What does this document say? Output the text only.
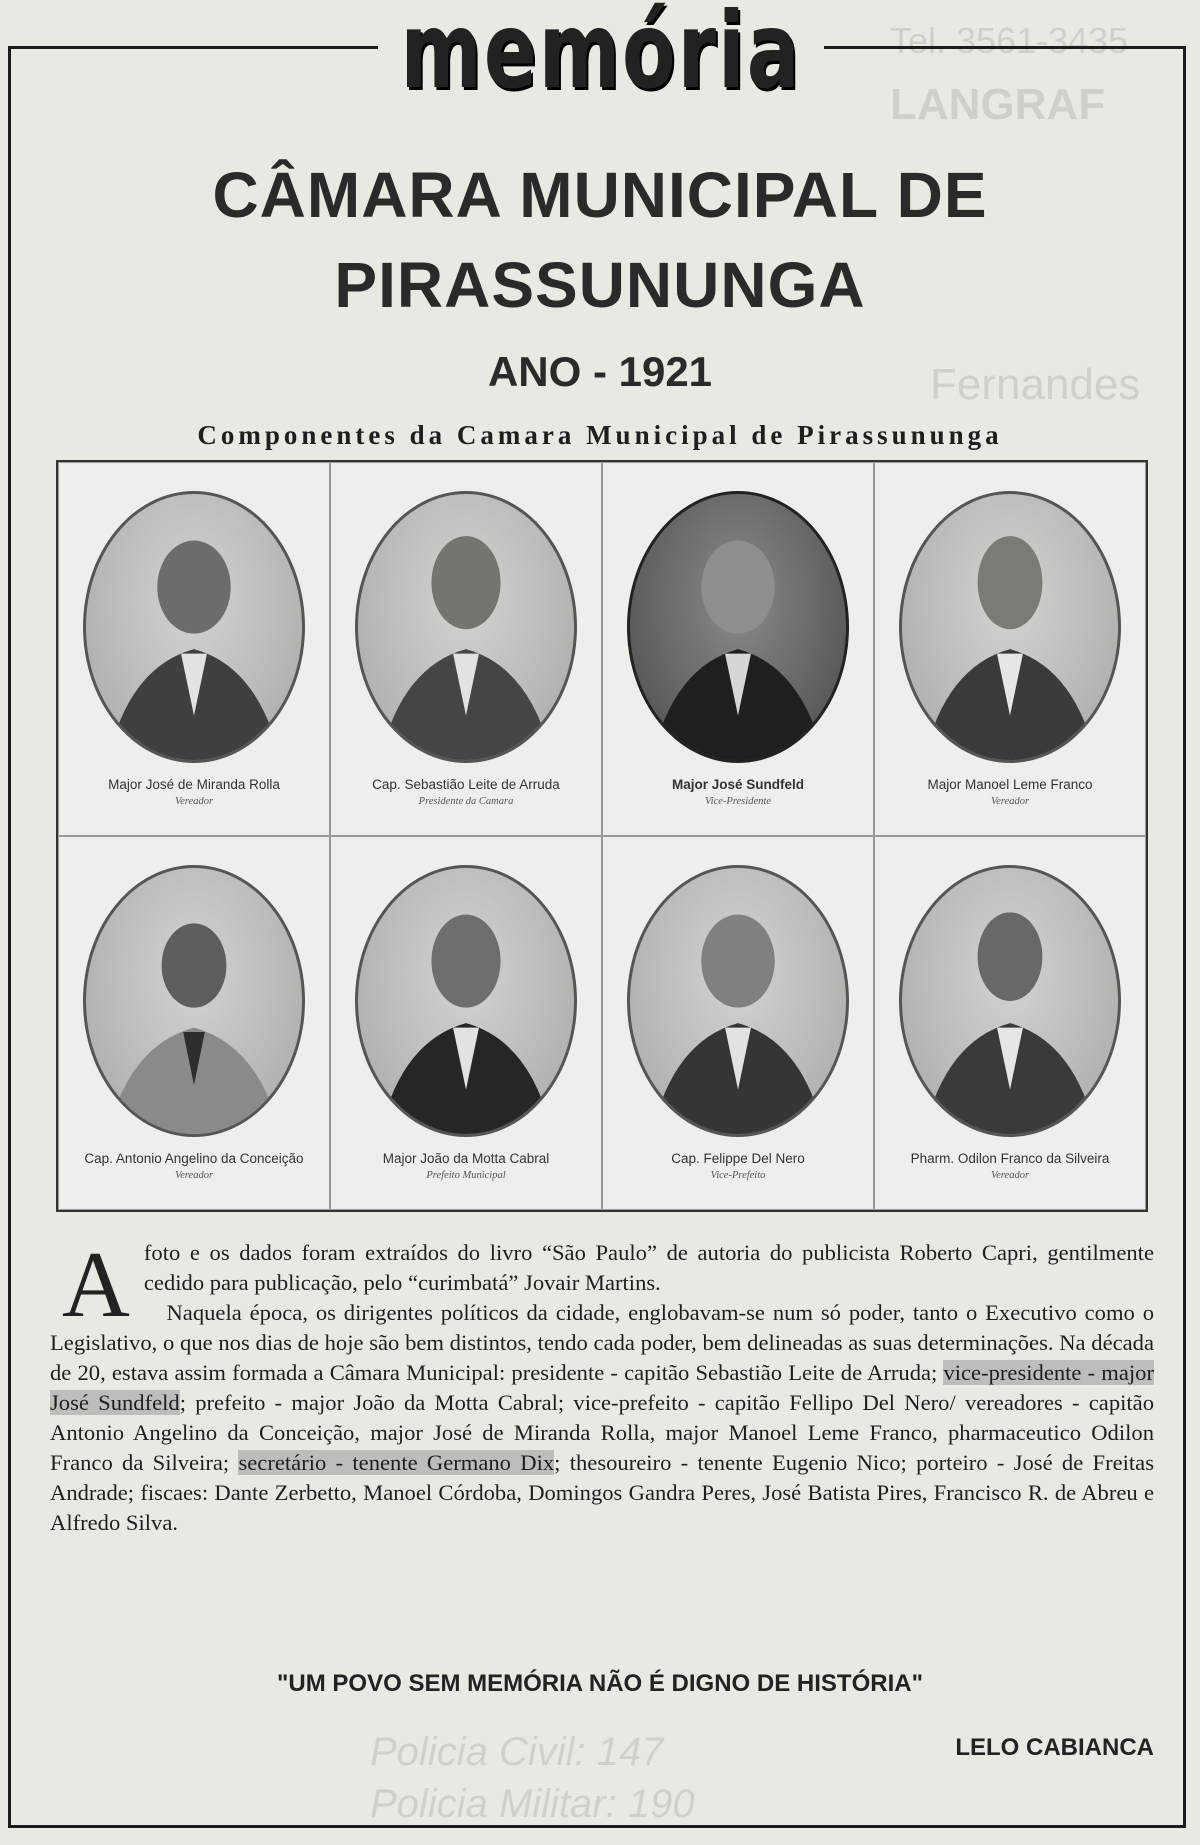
Tel. 3561-3435
LANGRAF
Fernandes
Policia Civil: 147
Policia Militar: 190
memória
CÂMARA MUNICIPAL DE
PIRASSUNUNGA
ANO - 1921
Componentes da Camara Municipal de Pirassununga
Major José de Miranda Rolla
Vereador
Cap. Sebastião Leite de Arruda
Presidente da Camara
Major José Sundfeld
Vice-Presidente
Major Manoel Leme Franco
Vereador
Cap. Antonio Angelino da Conceição
Vereador
Major João da Motta Cabral
Prefeito Municipal
Cap. Felippe Del Nero
Vice-Prefeito
Pharm. Odilon Franco da Silveira
Vereador
A foto e os dados foram extraídos do livro “São Paulo” de autoria do publicista Roberto Capri, gentilmente cedido para publicação, pelo “curimbatá” Jovair Martins.

 Naquela época, os dirigentes políticos da cidade, englobavam-se num só poder, tanto o Executivo como o Legislativo, o que nos dias de hoje são bem distintos, tendo cada poder, bem delineadas as suas determinações. Na década de 20, estava assim formada a Câmara Municipal: presidente - capitão Sebastião Leite de Arruda; vice-presidente - major José Sundfeld; prefeito - major João da Motta Cabral; vice-prefeito - capitão Fellipo Del Nero/ vereadores - capitão Antonio Angelino da Conceição, major José de Miranda Rolla, major Manoel Leme Franco, pharmaceutico Odilon Franco da Silveira; secretário - tenente Germano Dix; thesoureiro - tenente Eugenio Nico; porteiro - José de Freitas Andrade; fiscaes: Dante Zerbetto, Manoel Córdoba, Domingos Gandra Peres, José Batista Pires, Francisco R. de Abreu e Alfredo Silva.

"UM POVO SEM MEMÓRIA NÃO É DIGNO DE HISTÓRIA"
LELO CABIANCA
